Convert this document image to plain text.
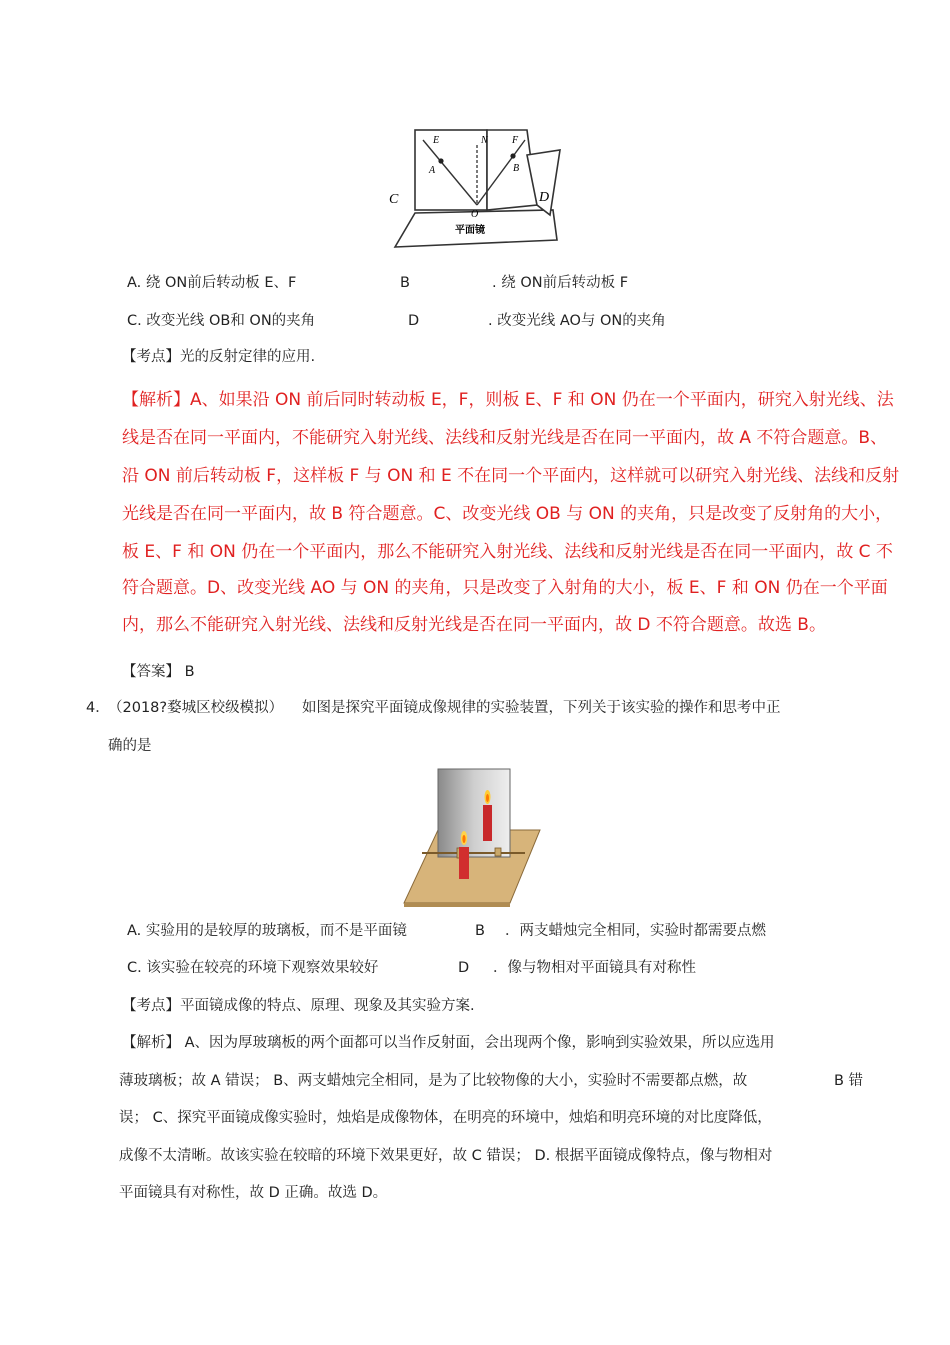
E	N F
A	B
C	D
O
平面镜
A. 绕 ON前后转动板 E、F	B	. 绕 ON前后转动板 F
C. 改变光线 OB和 ON的夹角	D	. 改变光线 AO与 ON的夹角
【考点】光的反射定律的应用.
【解析】A、如果沿 ON 前后同时转动板 E，F，则板 E、F 和 ON 仍在一个平面内，研究入射光线、法
线是否在同一平面内，不能研究入射光线、法线和反射光线是否在同一平面内，故 A 不符合题意。B、
沿 ON 前后转动板 F，这样板 F 与 ON 和 E 不在同一个平面内，这样就可以研究入射光线、法线和反射
光线是否在同一平面内，故 B 符合题意。C、改变光线 OB 与 ON 的夹角，只是改变了反射角的大小，
板 E、F 和 ON 仍在一个平面内，那么不能研究入射光线、法线和反射光线是否在同一平面内，故 C 不
符合题意。D、改变光线 AO 与 ON 的夹角，只是改变了入射角的大小，板 E、F 和 ON 仍在一个平面
内，那么不能研究入射光线、法线和反射光线是否在同一平面内，故 D 不符合题意。故选 B。
【答案】 B
4．
（2018?婺城区校级模拟） 如图是探究平面镜成像规律的实验装置，下列关于该实验的操作和思考中正
确的是
A. 实验用的是较厚的玻璃板，而不是平面镜	B ．两支蜡烛完全相同，实验时都需要点燃
C. 该实验在较亮的环境下观察效果较好	D ．像与物相对平面镜具有对称性
【考点】平面镜成像的特点、原理、现象及其实验方案.
【解析】 A、因为厚玻璃板的两个面都可以当作反射面，会出现两个像，影响到实验效果，所以应选用
薄玻璃板；故 A 错误； B、两支蜡烛完全相同，是为了比较物像的大小，实验时不需要都点燃，故	B 错
误； C、探究平面镜成像实验时，烛焰是成像物体，在明亮的环境中，烛焰和明亮环境的对比度降低，
成像不太清晰。故该实验在较暗的环境下效果更好，故 C 错误； D. 根据平面镜成像特点，像与物相对
平面镜具有对称性，故 D 正确。故选 D。
